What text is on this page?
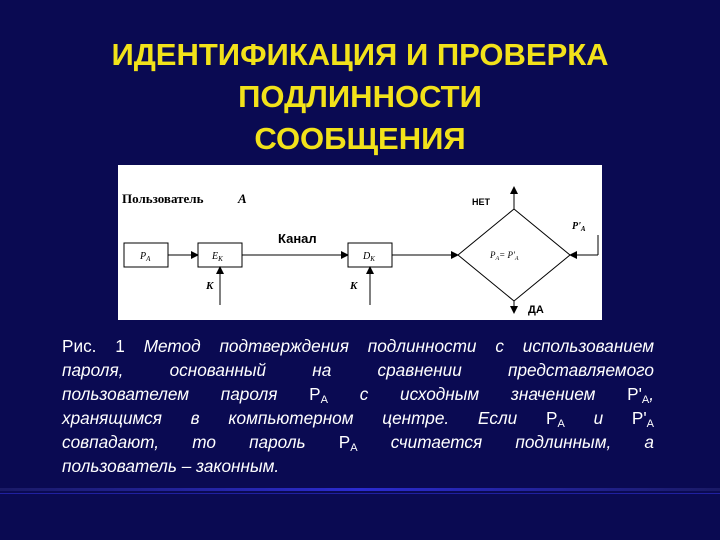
ИДЕНТИФИКАЦИЯ И ПРОВЕРКА
ПОДЛИННОСТИ
СООБЩЕНИЯ
Пользователь	A
$P_A$	$E_K$
K
Канал
$D_K$
K
$P_A= P'_A$
$P'_A$
НЕТ
ДА
Рис. 1 Метод подтверждения подлинности с использованием
пароля, основанный на сравнении представляемого
пользователем пароля $P_A$ с исходным значением $P'_A$,
хранящимся в компьютерном центре. Если $P_A$ и $P'_A$
совпадают, то пароль $P_A$ считается подлинным, а
пользователь – законным.
